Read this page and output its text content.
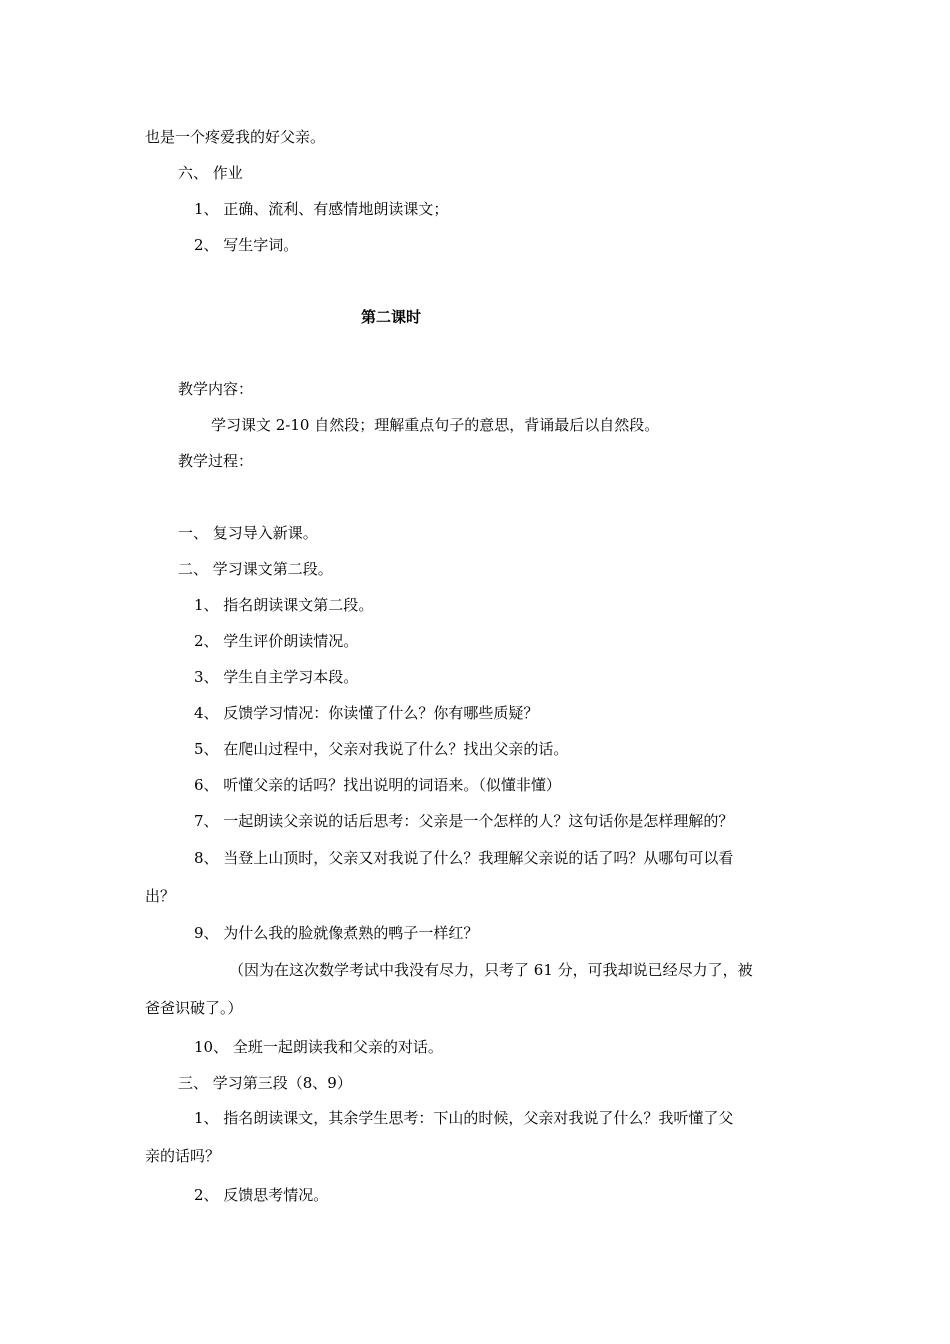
也是一个疼爱我的好父亲。
六、 作业
1、 正确、流利、有感情地朗读课文；
2、 写生字词。
第二课时
教学内容：
学习课文 2-10 自然段；理解重点句子的意思，背诵最后以自然段。
教学过程：
一、 复习导入新课。
二、 学习课文第二段。
1、 指名朗读课文第二段。
2、 学生评价朗读情况。
3、 学生自主学习本段。
4、 反馈学习情况：你读懂了什么？你有哪些质疑？
5、 在爬山过程中，父亲对我说了什么？找出父亲的话。
6、 听懂父亲的话吗？找出说明的词语来。（似懂非懂）
7、 一起朗读父亲说的话后思考：父亲是一个怎样的人？这句话你是怎样理解的？
8、 当登上山顶时，父亲又对我说了什么？我理解父亲说的话了吗？从哪句可以看
出？
9、 为什么我的脸就像煮熟的鸭子一样红？
（因为在这次数学考试中我没有尽力，只考了 61 分，可我却说已经尽力了，被
爸爸识破了。）
10、 全班一起朗读我和父亲的对话。
三、 学习第三段（8、9）
1、 指名朗读课文，其余学生思考：下山的时候，父亲对我说了什么？我听懂了父
亲的话吗？
2、 反馈思考情况。
